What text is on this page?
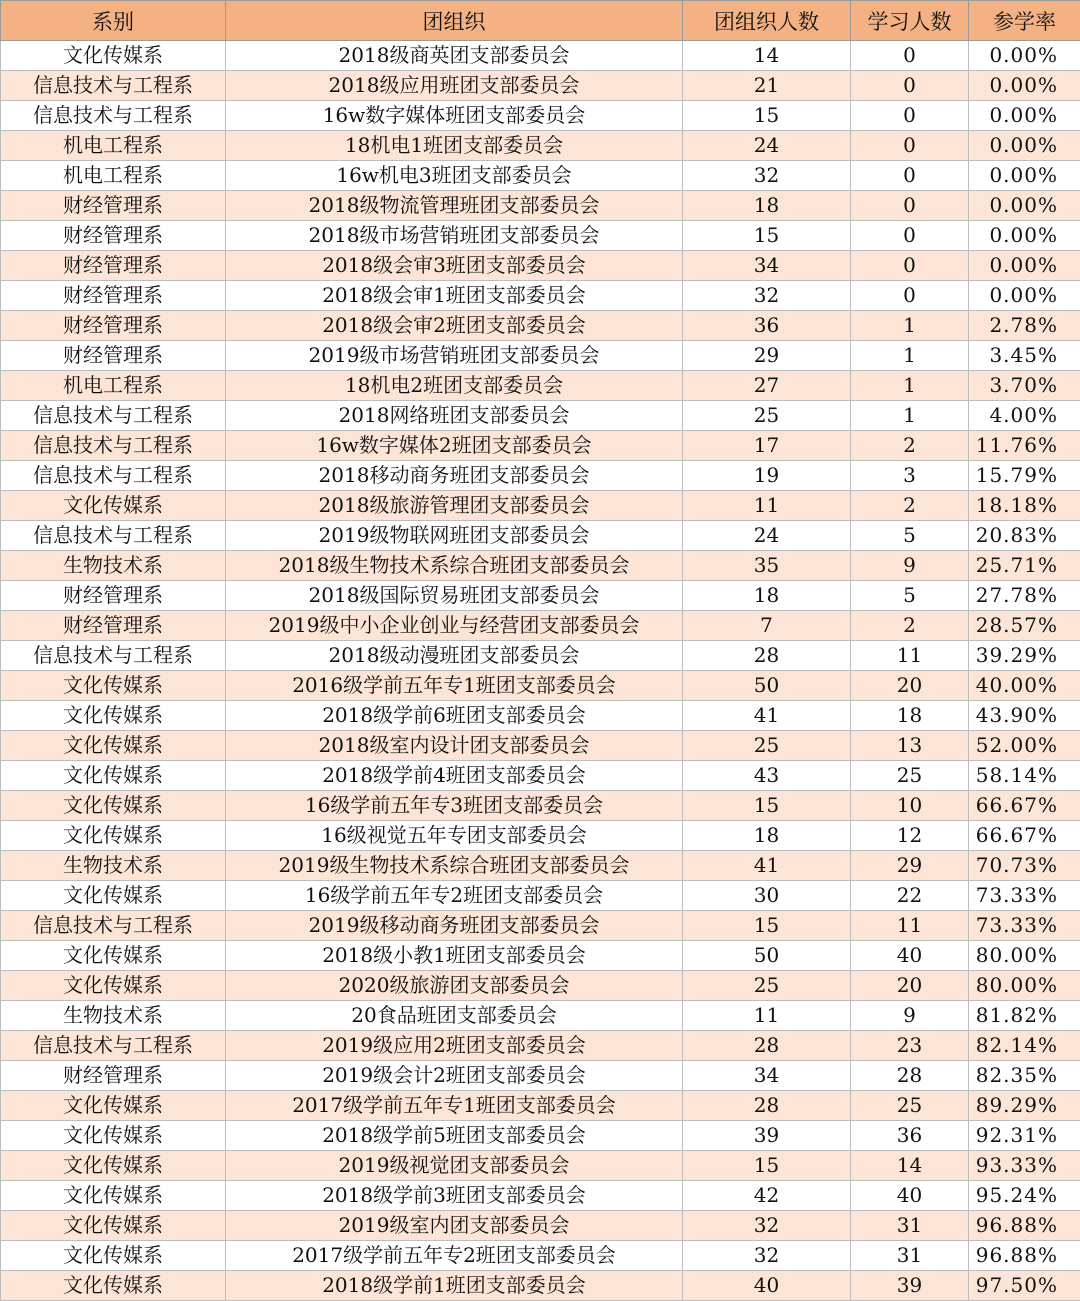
系别	团组织	团组织人数	学习人数	参学率
文化传媒系	2018级商英团支部委员会	14	0	0.00%
信息技术与工程系	2018级应用班团支部委员会	21	0	0.00%
信息技术与工程系	16w数字媒体班团支部委员会	15	0	0.00%
机电工程系	18机电1班团支部委员会	24	0	0.00%
机电工程系	16w机电3班团支部委员会	32	0	0.00%
财经管理系	2018级物流管理班团支部委员会	18	0	0.00%
财经管理系	2018级市场营销班团支部委员会	15	0	0.00%
财经管理系	2018级会审3班团支部委员会	34	0	0.00%
财经管理系	2018级会审1班团支部委员会	32	0	0.00%
财经管理系	2018级会审2班团支部委员会	36	1	2.78%
财经管理系	2019级市场营销班团支部委员会	29	1	3.45%
机电工程系	18机电2班团支部委员会	27	1	3.70%
信息技术与工程系	2018网络班团支部委员会	25	1	4.00%
信息技术与工程系	16w数字媒体2班团支部委员会	17	2	11.76%
信息技术与工程系	2018移动商务班团支部委员会	19	3	15.79%
文化传媒系	2018级旅游管理团支部委员会	11	2	18.18%
信息技术与工程系	2019级物联网班团支部委员会	24	5	20.83%
生物技术系	2018级生物技术系综合班团支部委员会	35	9	25.71%
财经管理系	2018级国际贸易班团支部委员会	18	5	27.78%
财经管理系	2019级中小企业创业与经营团支部委员会	7	2	28.57%
信息技术与工程系	2018级动漫班团支部委员会	28	11	39.29%
文化传媒系	2016级学前五年专1班团支部委员会	50	20	40.00%
文化传媒系	2018级学前6班团支部委员会	41	18	43.90%
文化传媒系	2018级室内设计团支部委员会	25	13	52.00%
文化传媒系	2018级学前4班团支部委员会	43	25	58.14%
文化传媒系	16级学前五年专3班团支部委员会	15	10	66.67%
文化传媒系	16级视觉五年专团支部委员会	18	12	66.67%
生物技术系	2019级生物技术系综合班团支部委员会	41	29	70.73%
文化传媒系	16级学前五年专2班团支部委员会	30	22	73.33%
信息技术与工程系	2019级移动商务班团支部委员会	15	11	73.33%
文化传媒系	2018级小教1班团支部委员会	50	40	80.00%
文化传媒系	2020级旅游团支部委员会	25	20	80.00%
生物技术系	20食品班团支部委员会	11	9	81.82%
信息技术与工程系	2019级应用2班团支部委员会	28	23	82.14%
财经管理系	2019级会计2班团支部委员会	34	28	82.35%
文化传媒系	2017级学前五年专1班团支部委员会	28	25	89.29%
文化传媒系	2018级学前5班团支部委员会	39	36	92.31%
文化传媒系	2019级视觉团支部委员会	15	14	93.33%
文化传媒系	2018级学前3班团支部委员会	42	40	95.24%
文化传媒系	2019级室内团支部委员会	32	31	96.88%
文化传媒系	2017级学前五年专2班团支部委员会	32	31	96.88%
文化传媒系	2018级学前1班团支部委员会	40	39	97.50%
